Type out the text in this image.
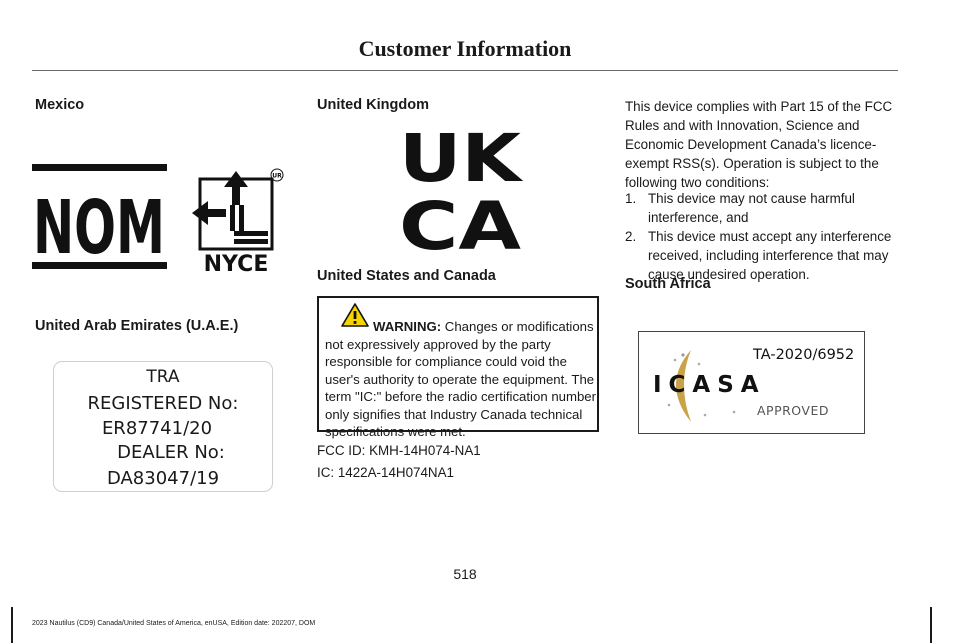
Customer Information
Mexico
NOM
UR
NYCE
United Arab Emirates (U.A.E.)
TRA
REGISTERED No:
ER87741/20
DEALER No:
DA83047/19
United Kingdom
UK
CA
United States and Canada
WARNING: Changes or modifications not expressively approved by the party responsible for compliance could void the user's authority to operate the equipment. The term "IC:" before the radio certification number only signifies that Industry Canada technical specifications were met.
FCC ID: KMH-14H074-NA1
IC: 1422A-14H074NA1
This device complies with Part 15 of the FCC Rules and with Innovation, Science and Economic Development Canada’s licence-exempt RSS(s). Operation is subject to the following two conditions:
1. This device may not cause harmful interference, and
2. This device must accept any interference received, including interference that may cause undesired operation.
South Africa
TA-2020/6952
ICASA
APPROVED
518
2023 Nautilus (CD9) Canada/United States of America, enUSA, Edition date: 202207, DOM
